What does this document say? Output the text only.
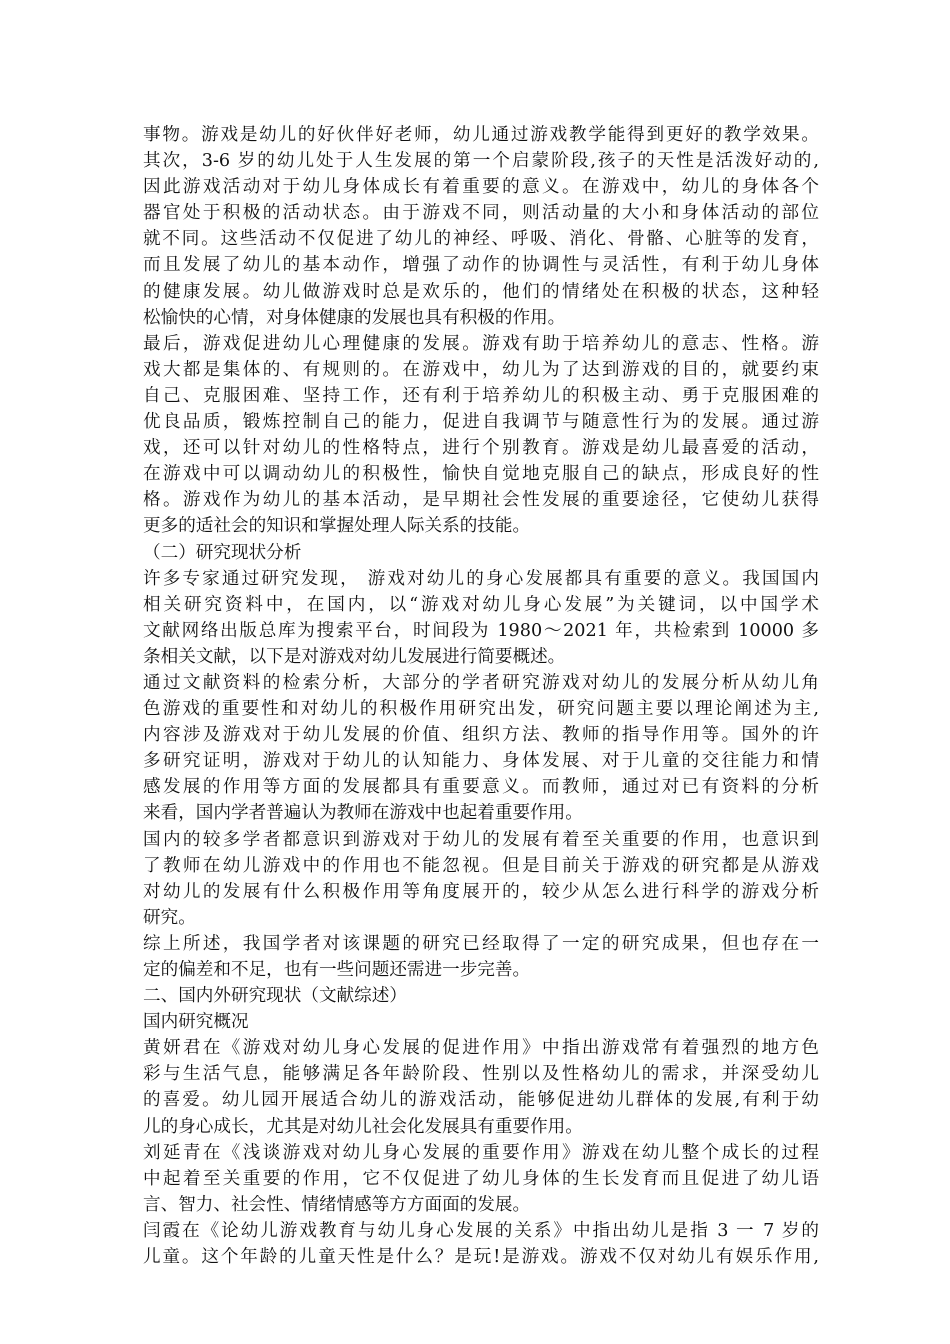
事物。游戏是幼儿的好伙伴好老师，幼儿通过游戏教学能得到更好的教学效果。
其次，3-6 岁的幼儿处于人生发展的第一个启蒙阶段,孩子的天性是活泼好动的,
因此游戏活动对于幼儿身体成长有着重要的意义。在游戏中，幼儿的身体各个
器官处于积极的活动状态。由于游戏不同，则活动量的大小和身体活动的部位
就不同。这些活动不仅促进了幼儿的神经、呼吸、消化、骨骼、心脏等的发育，
而且发展了幼儿的基本动作，增强了动作的协调性与灵活性，有利于幼儿身体
的健康发展。幼儿做游戏时总是欢乐的，他们的情绪处在积极的状态，这种轻
松愉快的心情，对身体健康的发展也具有积极的作用。
最后，游戏促进幼儿心理健康的发展。游戏有助于培养幼儿的意志、性格。游
戏大都是集体的、有规则的。在游戏中，幼儿为了达到游戏的目的，就要约束
自己、克服困难、坚持工作，还有利于培养幼儿的积极主动、勇于克服困难的
优良品质，锻炼控制自己的能力，促进自我调节与随意性行为的发展。通过游
戏，还可以针对幼儿的性格特点，进行个别教育。游戏是幼儿最喜爱的活动，
在游戏中可以调动幼儿的积极性，愉快自觉地克服自己的缺点，形成良好的性
格。游戏作为幼儿的基本活动，是早期社会性发展的重要途径，它使幼儿获得
更多的适社会的知识和掌握处理人际关系的技能。
（二）研究现状分析
许多专家通过研究发现， 游戏对幼儿的身心发展都具有重要的意义。我国国内
相关研究资料中，在国内，以“游戏对幼儿身心发展”为关键词，以中国学术
文献网络出版总库为搜索平台，时间段为 1980～2021 年，共检索到 10000 多
条相关文献，以下是对游戏对幼儿发展进行简要概述。
通过文献资料的检索分析，大部分的学者研究游戏对幼儿的发展分析从幼儿角
色游戏的重要性和对幼儿的积极作用研究出发，研究问题主要以理论阐述为主,
内容涉及游戏对于幼儿发展的价值、组织方法、教师的指导作用等。国外的许
多研究证明，游戏对于幼儿的认知能力、身体发展、对于儿童的交往能力和情
感发展的作用等方面的发展都具有重要意义。而教师，通过对已有资料的分析
来看，国内学者普遍认为教师在游戏中也起着重要作用。
国内的较多学者都意识到游戏对于幼儿的发展有着至关重要的作用，也意识到
了教师在幼儿游戏中的作用也不能忽视。但是目前关于游戏的研究都是从游戏
对幼儿的发展有什么积极作用等角度展开的，较少从怎么进行科学的游戏分析
研究。
综上所述，我国学者对该课题的研究已经取得了一定的研究成果，但也存在一
定的偏差和不足，也有一些问题还需进一步完善。
二、国内外研究现状（文献综述）
国内研究概况
黄妍君在《游戏对幼儿身心发展的促进作用》中指出游戏常有着强烈的地方色
彩与生活气息，能够满足各年龄阶段、性别以及性格幼儿的需求，并深受幼儿
的喜爱。幼儿园开展适合幼儿的游戏活动，能够促进幼儿群体的发展,有利于幼
儿的身心成长，尤其是对幼儿社会化发展具有重要作用。
刘延青在《浅谈游戏对幼儿身心发展的重要作用》游戏在幼儿整个成长的过程
中起着至关重要的作用，它不仅促进了幼儿身体的生长发育而且促进了幼儿语
言、智力、社会性、情绪情感等方方面面的发展。
闫霞在《论幼儿游戏教育与幼儿身心发展的关系》中指出幼儿是指 3 一 7 岁的
儿童。这个年龄的儿童天性是什么？是玩!是游戏。游戏不仅对幼儿有娱乐作用,
